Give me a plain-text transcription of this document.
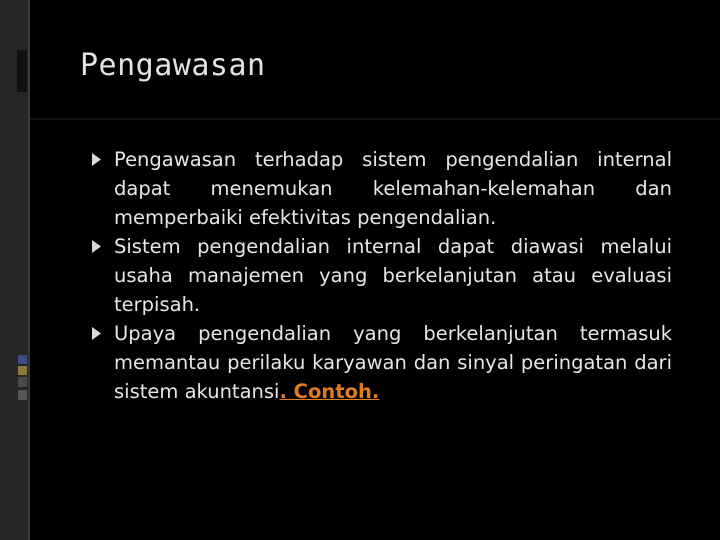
Pengawasan
Pengawasan terhadap sistem pengendalian internal dapat menemukan kelemahan-kelemahan dan memperbaiki efektivitas pengendalian.
Sistem pengendalian internal dapat diawasi melalui usaha manajemen yang berkelanjutan atau evaluasi terpisah.
Upaya pengendalian yang berkelanjutan termasuk memantau perilaku karyawan dan sinyal peringatan dari sistem akuntansi. Contoh.
